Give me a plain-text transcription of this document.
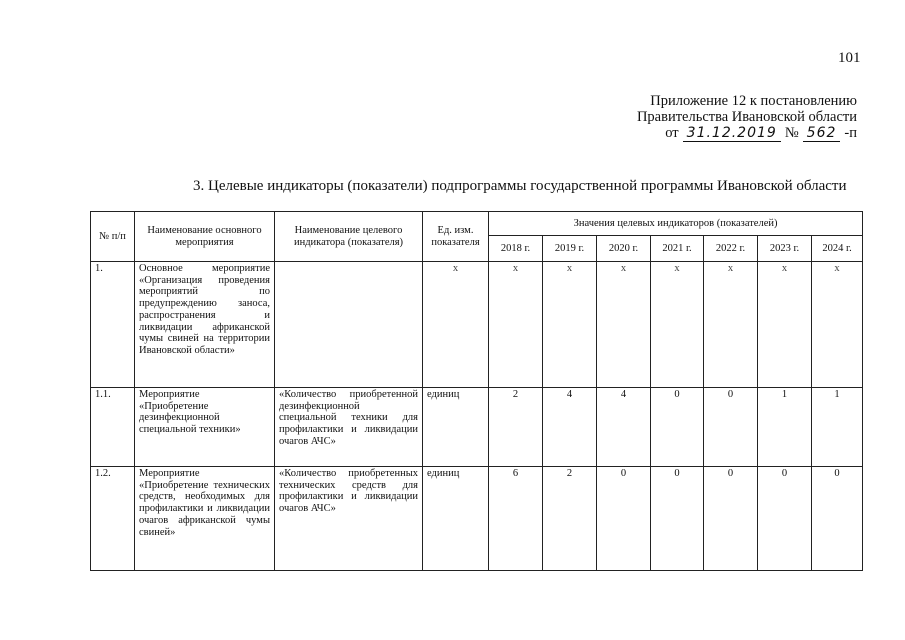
101
Приложение 12 к постановлению
Правительства Ивановской области
от 31.12.2019 № 562 -п
3. Целевые индикаторы (показатели) подпрограммы государственной программы Ивановской области
№ п/п	Наименование основного мероприятия	Наименование целевого индикатора (показателя)	Ед. изм. показателя	Значения целевых индикаторов (показателей)						
				2018 г.	2019 г.	2020 г.	2021 г.	2022 г.	2023 г.	2024 г.
1.	Основное мероприятие «Организация проведения мероприятий по предупреждению заноса, распространения и ликвидации африканской чумы свиней на территории Ивановской области»		x	x	x	x	x	x	x	x
1.1.	Мероприятие «Приобретение дезинфекционной специальной техники»	«Количество приобретенной дезинфекционной специальной техники для профилактики и ликвидации очагов АЧС»	единиц	2	4	4	0	0	1	1
1.2.	Мероприятие «Приобретение технических средств, необходимых для профилактики и ликвидации очагов африканской чумы свиней»	«Количество приобретенных технических средств для профилактики и ликвидации очагов АЧС»	единиц	6	2	0	0	0	0	0
